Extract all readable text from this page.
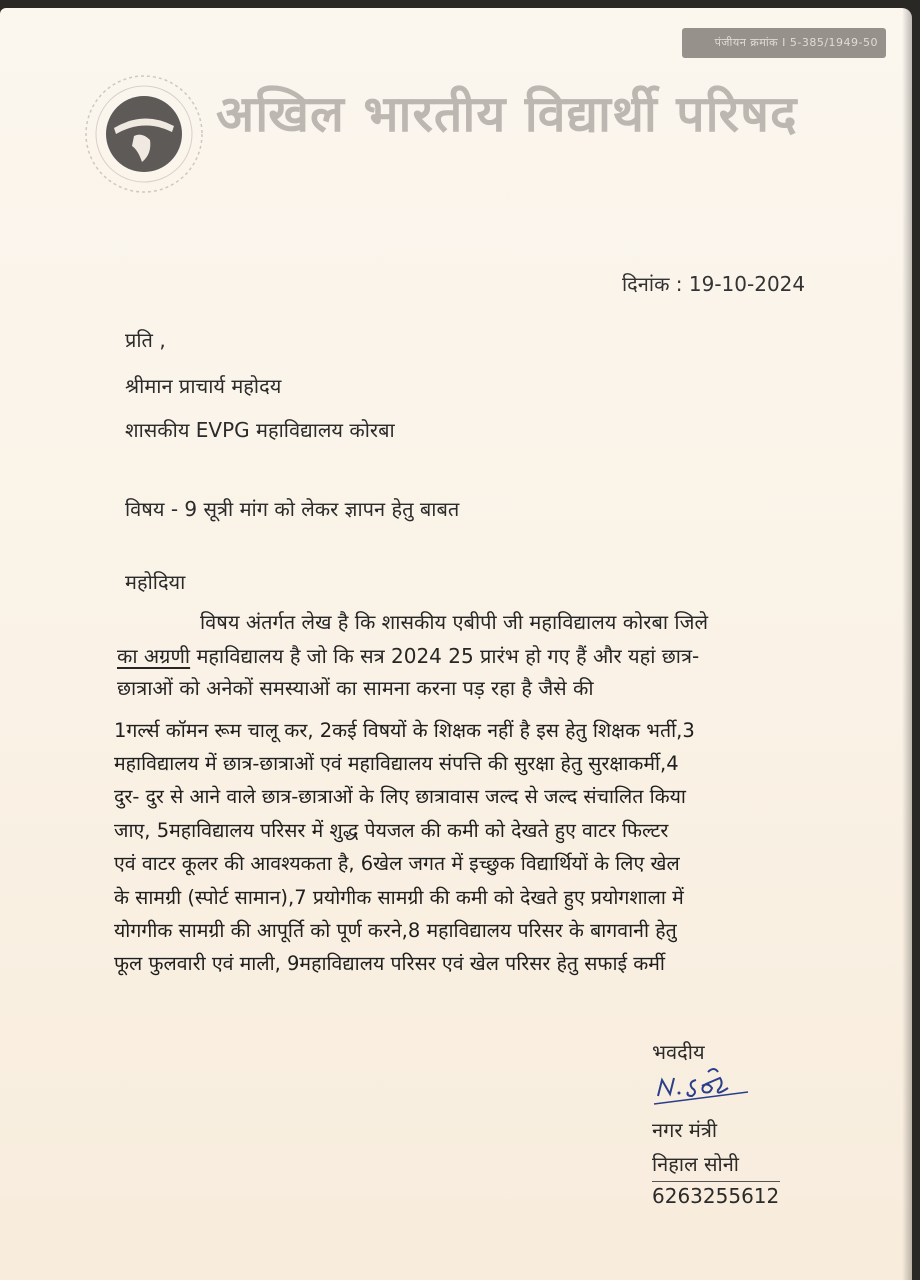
पंजीयन क्रमांक I 5-385/1949-50
अखिल भारतीय विद्यार्थी परिषद
दिनांक : 19-10-2024
प्रति ,
श्रीमान प्राचार्य महोदय
शासकीय EVPG महाविद्यालय कोरबा
विषय - 9 सूत्री मांग को लेकर ज्ञापन हेतु बाबत
महोदिया
विषय अंतर्गत लेख है कि शासकीय एबीपी जी महाविद्यालय कोरबा जिले
का अग्रणी महाविद्यालय है जो कि सत्र 2024 25 प्रारंभ हो गए हैं और यहां छात्र-
छात्राओं को अनेकों समस्याओं का सामना करना पड़ रहा है जैसे की
1गर्ल्स कॉमन रूम चालू कर, 2कई विषयों के शिक्षक नहीं है इस हेतु शिक्षक भर्ती,3
महाविद्यालय में छात्र-छात्राओं एवं महाविद्यालय संपत्ति की सुरक्षा हेतु सुरक्षाकर्मी,4
दुर- दुर से आने वाले छात्र-छात्राओं के लिए छात्रावास जल्द से जल्द संचालित किया
जाए, 5महाविद्यालय परिसर में शुद्ध पेयजल की कमी को देखते हुए वाटर फिल्टर
एवं वाटर कूलर की आवश्यकता है, 6खेल जगत में इच्छुक विद्यार्थियों के लिए खेल
के सामग्री (स्पोर्ट सामान),7 प्रयोगीक सामग्री की कमी को देखते हुए प्रयोगशाला में
योगगीक सामग्री की आपूर्ति को पूर्ण करने,8 महाविद्यालय परिसर के बागवानी हेतु
फूल फुलवारी एवं माली, 9महाविद्यालय परिसर एवं खेल परिसर हेतु सफाई कर्मी
भवदीय
नगर मंत्री
निहाल सोनी
6263255612
